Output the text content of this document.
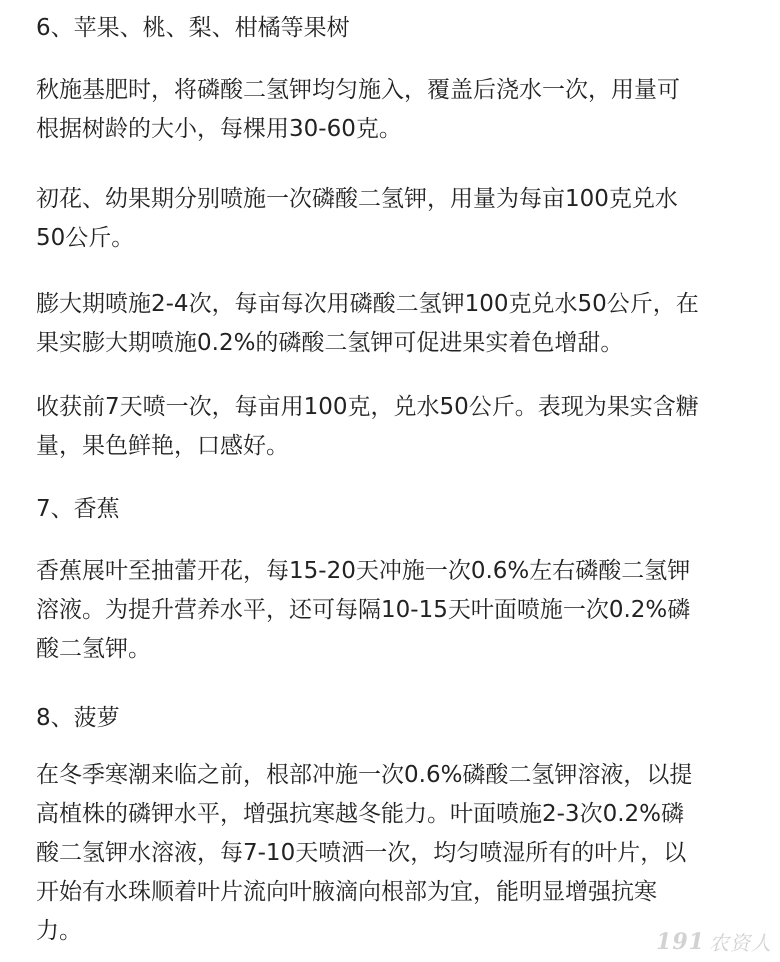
6、苹果、桃、梨、柑橘等果树
秋施基肥时，将磷酸二氢钾均匀施入，覆盖后浇水一次，用量可
根据树龄的大小，每棵用30-60克。
初花、幼果期分别喷施一次磷酸二氢钾，用量为每亩100克兑水
50公斤。
膨大期喷施2-4次，每亩每次用磷酸二氢钾100克兑水50公斤，在
果实膨大期喷施0.2%的磷酸二氢钾可促进果实着色增甜。
收获前7天喷一次，每亩用100克，兑水50公斤。表现为果实含糖
量，果色鲜艳，口感好。
7、香蕉
香蕉展叶至抽蕾开花，每15-20天冲施一次0.6%左右磷酸二氢钾
溶液。为提升营养水平，还可每隔10-15天叶面喷施一次0.2%磷
酸二氢钾。
8、菠萝
在冬季寒潮来临之前，根部冲施一次0.6%磷酸二氢钾溶液，以提
高植株的磷钾水平，增强抗寒越冬能力。叶面喷施2-3次0.2%磷
酸二氢钾水溶液，每7-10天喷洒一次，均匀喷湿所有的叶片，以
开始有水珠顺着叶片流向叶腋滴向根部为宜，能明显增强抗寒
力。	191 农资人
